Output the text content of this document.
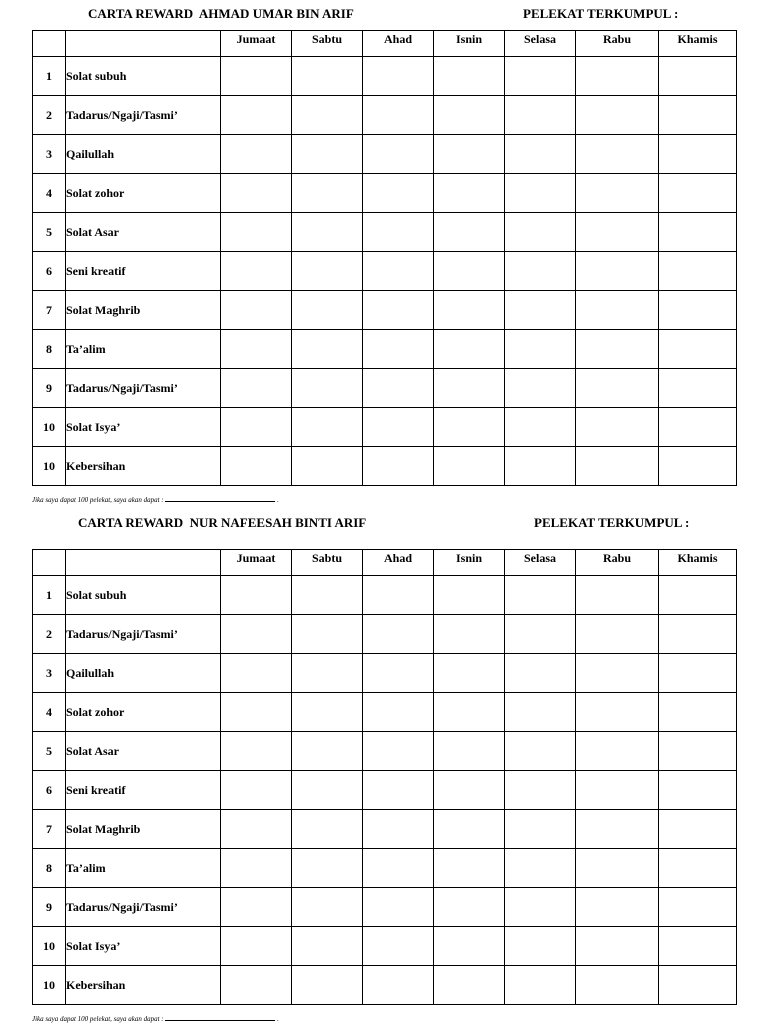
CARTA REWARD  AHMAD UMAR BIN ARIF	PELEKAT TERKUMPUL :
		Jumaat	Sabtu	Ahad	Isnin	Selasa	Rabu	Khamis
1	Solat subuh							
2	Tadarus/Ngaji/Tasmi’							
3	Qailullah							
4	Solat zohor							
5	Solat Asar							
6	Seni kreatif							
7	Solat Maghrib							
8	Ta’alim							
9	Tadarus/Ngaji/Tasmi’							
10	Solat Isya’							
10	Kebersihan							
Jika saya dapat 100 pelekat, saya akan dapat :	.
CARTA REWARD  NUR NAFEESAH BINTI ARIF	PELEKAT TERKUMPUL :
		Jumaat	Sabtu	Ahad	Isnin	Selasa	Rabu	Khamis
1	Solat subuh							
2	Tadarus/Ngaji/Tasmi’							
3	Qailullah							
4	Solat zohor							
5	Solat Asar							
6	Seni kreatif							
7	Solat Maghrib							
8	Ta’alim							
9	Tadarus/Ngaji/Tasmi’							
10	Solat Isya’							
10	Kebersihan							
Jika saya dapat 100 pelekat, saya akan dapat :	.
